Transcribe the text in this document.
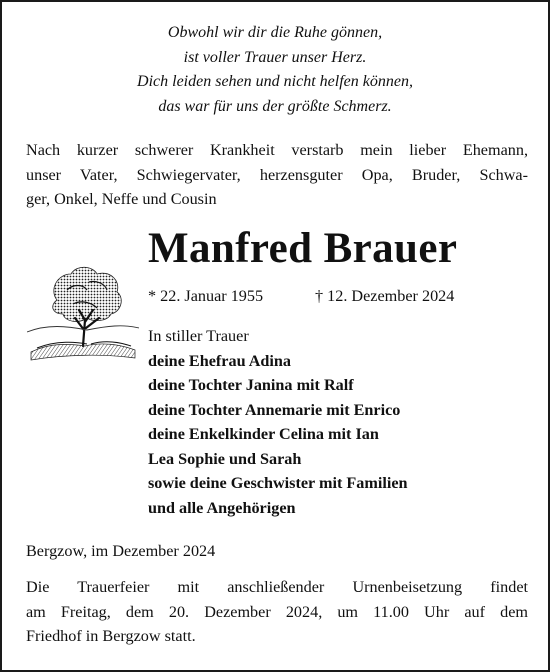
Obwohl wir dir die Ruhe gönnen,
ist voller Trauer unser Herz.
Dich leiden sehen und nicht helfen können,
das war für uns der größte Schmerz.
Nach kurzer schwerer Krankheit verstarb mein lieber Ehemann,
unser Vater, Schwiegervater, herzensguter Opa, Bruder, Schwa-
ger, Onkel, Neffe und Cousin
Manfred Brauer
* 22. Januar 1955	† 12. Dezember 2024
In stiller Trauer
deine Ehefrau Adina
deine Tochter Janina mit Ralf
deine Tochter Annemarie mit Enrico
deine Enkelkinder Celina mit Ian
Lea Sophie und Sarah
sowie deine Geschwister mit Familien
und alle Angehörigen
Bergzow, im Dezember 2024
Die Trauerfeier mit anschließender Urnenbeisetzung findet
am Freitag, dem 20. Dezember 2024, um 11.00 Uhr auf dem
Friedhof in Bergzow statt.
